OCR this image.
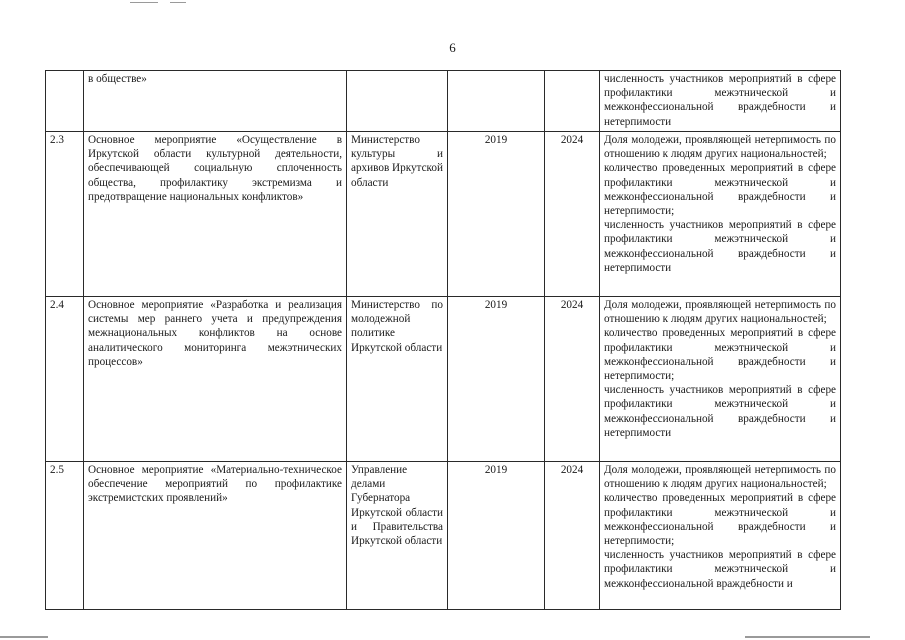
6
	в обществе»				численность участников мероприятий в сфере профилактики межэтнической и межконфессиональной враждебности и нетерпимости

2.3	Основное мероприятие «Осуществление в Иркутской области культурной деятельности, обеспечивающей социальную сплоченность общества, профилактику экстремизма и предотвращение национальных конфликтов»	Министерство культуры и архивов Иркутской области	2019	2024	Доля молодежи, проявляющей нетерпимость по отношению к людям других национальностей;
количество проведенных мероприятий в сфере профилактики межэтнической и межконфессиональной враждебности и нетерпимости;
численность участников мероприятий в сфере профилактики межэтнической и межконфессиональной враждебности и нетерпимости

2.4	Основное мероприятие «Разработка и реализация системы мер раннего учета и предупреждения межнациональных конфликтов на основе аналитического мониторинга межэтнических процессов»	Министерство по молодежной политике Иркутской области	2019	2024	Доля молодежи, проявляющей нетерпимость по отношению к людям других национальностей;
количество проведенных мероприятий в сфере профилактики межэтнической и межконфессиональной враждебности и нетерпимости;
численность участников мероприятий в сфере профилактики межэтнической и межконфессиональной враждебности и нетерпимости

2.5	Основное мероприятие «Материально-техническое обеспечение мероприятий по профилактике экстремистских проявлений»	Управление делами Губернатора Иркутской области и Правительства Иркутской области	2019	2024	Доля молодежи, проявляющей нетерпимость по отношению к людям других национальностей;
количество проведенных мероприятий в сфере профилактики межэтнической и межконфессиональной враждебности и нетерпимости;
численность участников мероприятий в сфере профилактики межэтнической и межконфессиональной враждебности и
